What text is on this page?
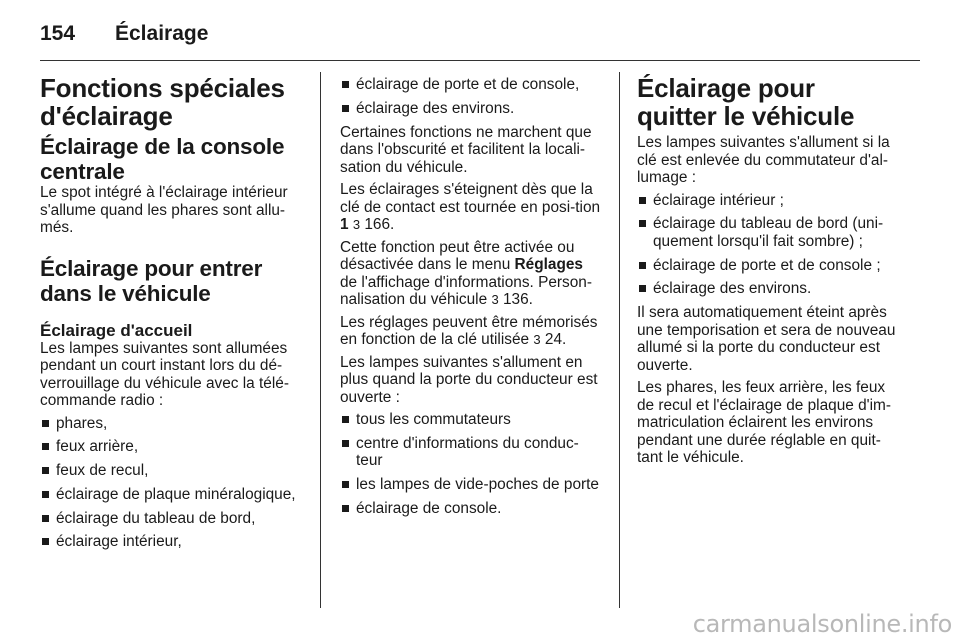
154	Éclairage
Fonctions spéciales d'éclairage
Éclairage de la console centrale

Le spot intégré à l'éclairage intérieur s'allume quand les phares sont allu-més.

Éclairage pour entrer dans le véhicule
Éclairage d'accueil

Les lampes suivantes sont allumées pendant un court instant lors du dé-verrouillage du véhicule avec la télé-commande radio :

phares,
feux arrière,
feux de recul,
éclairage de plaque minéralogique,
éclairage du tableau de bord,
éclairage intérieur,
éclairage de porte et de console,
éclairage des environs.

Certaines fonctions ne marchent que dans l'obscurité et facilitent la locali-sation du véhicule.

Les éclairages s'éteignent dès que la clé de contact est tournée en posi-tion 1 3 166.

Cette fonction peut être activée ou désactivée dans le menu Réglages de l'affichage d'informations. Person-nalisation du véhicule 3 136.

Les réglages peuvent être mémorisés en fonction de la clé utilisée 3 24.

Les lampes suivantes s'allument en plus quand la porte du conducteur est ouverte :

tous les commutateurs
centre d'informations du conduc-teur
les lampes de vide-poches de porte
éclairage de console.
Éclairage pour quitter le véhicule

Les lampes suivantes s'allument si la clé est enlevée du commutateur d'al-lumage :

éclairage intérieur ;
éclairage du tableau de bord (uni-quement lorsqu'il fait sombre) ;
éclairage de porte et de console ;
éclairage des environs.

Il sera automatiquement éteint après une temporisation et sera de nouveau allumé si la porte du conducteur est ouverte.

Les phares, les feux arrière, les feux de recul et l'éclairage de plaque d'im-matriculation éclairent les environs pendant une durée réglable en quit-tant le véhicule.

carmanualsonline.info
